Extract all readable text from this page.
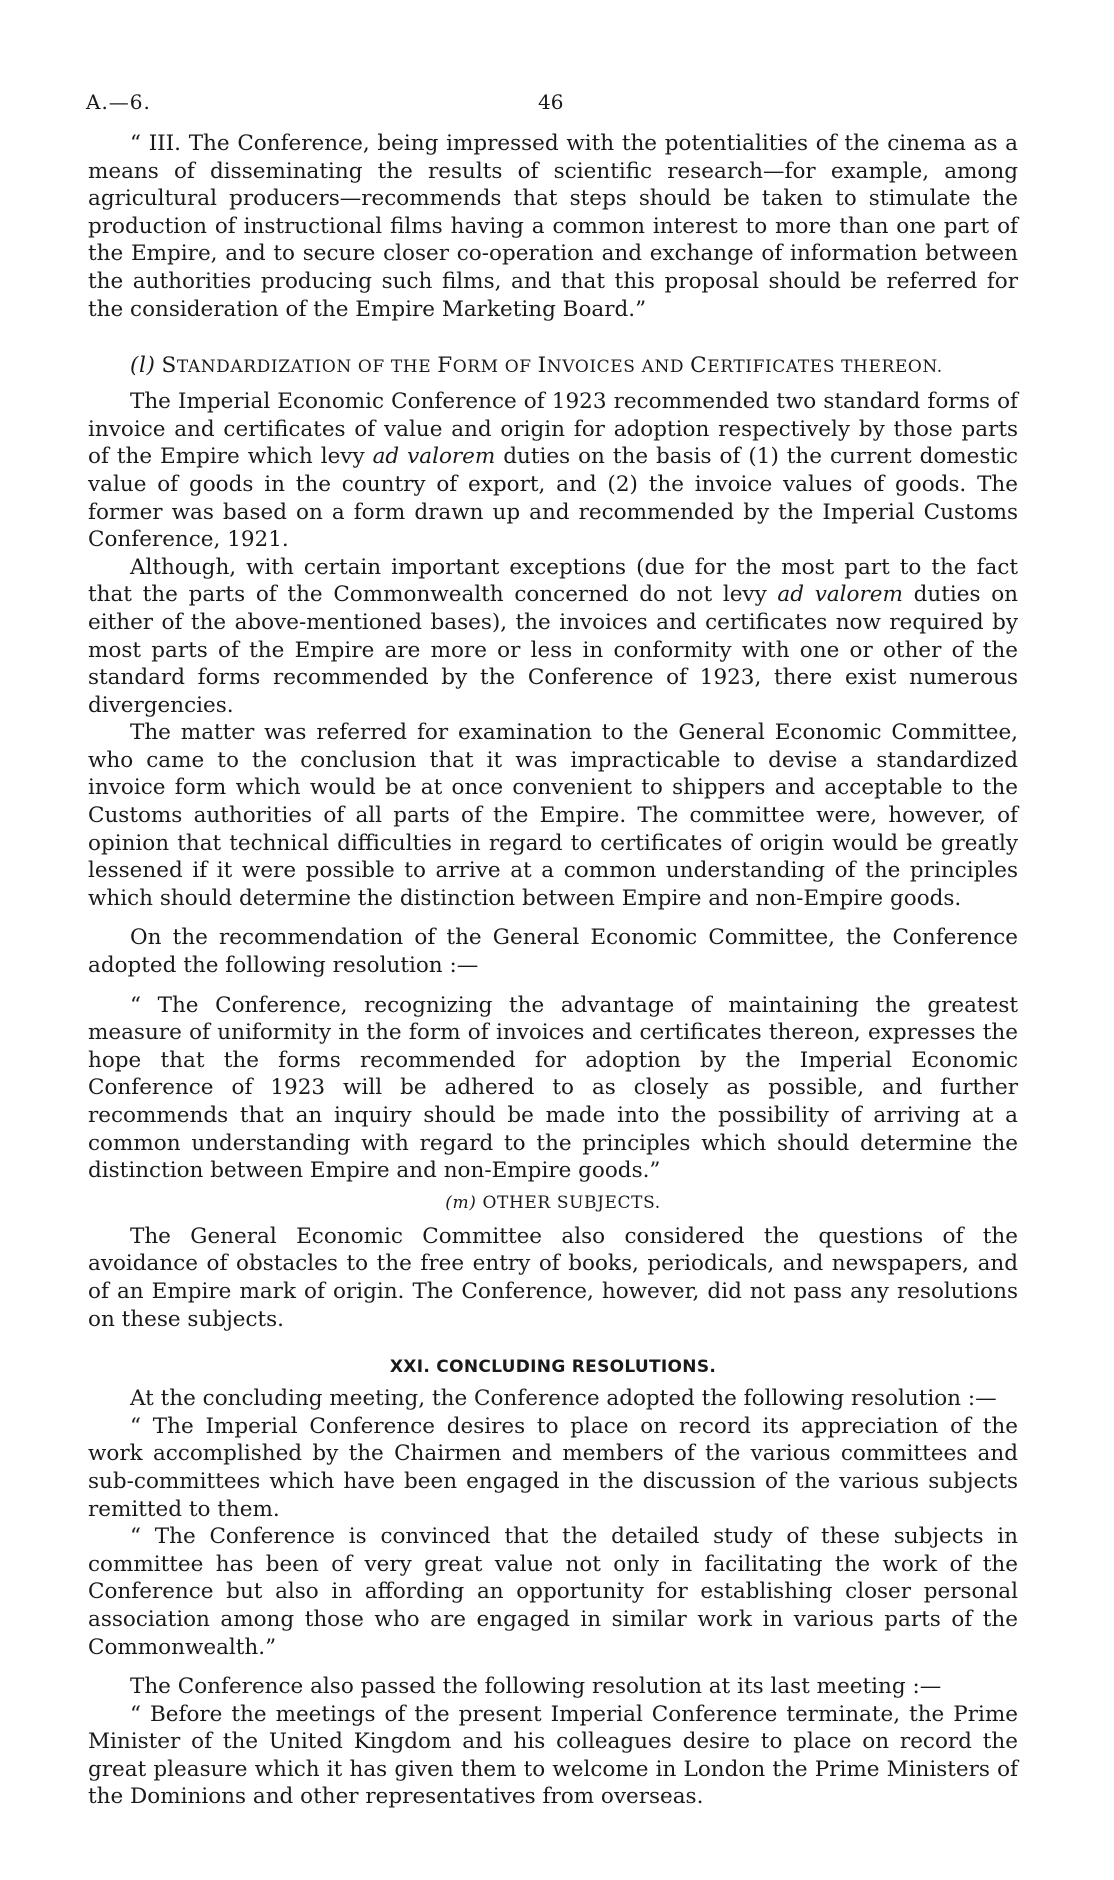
A.—6.	46

“ III. The Conference, being impressed with the potentialities of the cinema as a means of disseminating the results of scientific research—for example, among agricultural producers—recommends that steps should be taken to stimulate the production of instructional films having a common interest to more than one part of the Empire, and to secure closer co-operation and exchange of information between the authorities producing such films, and that this proposal should be referred for the consideration of the Empire Marketing Board.”

(l) STANDARDIZATION OF THE FORM OF INVOICES AND CERTIFICATES THEREON.

The Imperial Economic Conference of 1923 recommended two standard forms of invoice and certificates of value and origin for adoption respectively by those parts of the Empire which levy ad valorem duties on the basis of (1) the current domestic value of goods in the country of export, and (2) the invoice values of goods. The former was based on a form drawn up and recommended by the Imperial Customs Conference, 1921.

Although, with certain important exceptions (due for the most part to the fact that the parts of the Commonwealth concerned do not levy ad valorem duties on either of the above-mentioned bases), the invoices and certificates now required by most parts of the Empire are more or less in conformity with one or other of the standard forms recommended by the Conference of 1923, there exist numerous divergencies.

The matter was referred for examination to the General Economic Committee, who came to the conclusion that it was impracticable to devise a standardized invoice form which would be at once convenient to shippers and acceptable to the Customs authorities of all parts of the Empire. The committee were, however, of opinion that technical difficulties in regard to certificates of origin would be greatly lessened if it were possible to arrive at a common understanding of the principles which should determine the distinction between Empire and non-Empire goods.

On the recommendation of the General Economic Committee, the Conference adopted the following resolution :—

“ The Conference, recognizing the advantage of maintaining the greatest measure of uniformity in the form of invoices and certificates thereon, expresses the hope that the forms recommended for adoption by the Imperial Economic Conference of 1923 will be adhered to as closely as possible, and further recommends that an inquiry should be made into the possibility of arriving at a common understanding with regard to the principles which should determine the distinction between Empire and non-Empire goods.”

(m) OTHER SUBJECTS.

The General Economic Committee also considered the questions of the avoidance of obstacles to the free entry of books, periodicals, and newspapers, and of an Empire mark of origin. The Conference, however, did not pass any resolutions on these subjects.

XXI. CONCLUDING RESOLUTIONS.

At the concluding meeting, the Conference adopted the following resolution :—

“ The Imperial Conference desires to place on record its appreciation of the work accomplished by the Chairmen and members of the various committees and sub-committees which have been engaged in the discussion of the various subjects remitted to them.

“ The Conference is convinced that the detailed study of these subjects in committee has been of very great value not only in facilitating the work of the Conference but also in affording an opportunity for establishing closer personal association among those who are engaged in similar work in various parts of the Commonwealth.”

The Conference also passed the following resolution at its last meeting :—

“ Before the meetings of the present Imperial Conference terminate, the Prime Minister of the United Kingdom and his colleagues desire to place on record the great pleasure which it has given them to welcome in London the Prime Ministers of the Dominions and other representatives from overseas.
